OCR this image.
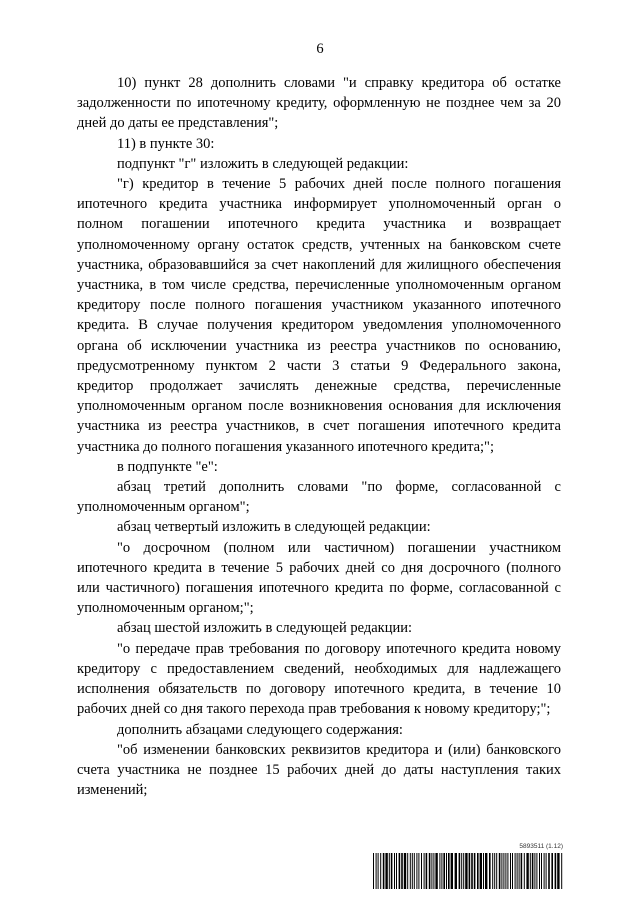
6

10) пункт 28 дополнить словами "и справку кредитора об остатке задолженности по ипотечному кредиту, оформленную не позднее чем за 20 дней до даты ее представления";

11) в пункте 30:

подпункт "г" изложить в следующей редакции:

"г) кредитор в течение 5 рабочих дней после полного погашения ипотечного кредита участника информирует уполномоченный орган о полном погашении ипотечного кредита участника и возвращает уполномоченному органу остаток средств, учтенных на банковском счете участника, образовавшийся за счет накоплений для жилищного обеспечения участника, в том числе средства, перечисленные уполномоченным органом кредитору после полного погашения участником указанного ипотечного кредита. В случае получения кредитором уведомления уполномоченного органа об исключении участника из реестра участников по основанию, предусмотренному пунктом 2 части 3 статьи 9 Федерального закона, кредитор продолжает зачислять денежные средства, перечисленные уполномоченным органом после возникновения основания для исключения участника из реестра участников, в счет погашения ипотечного кредита участника до полного погашения указанного ипотечного кредита;";

в подпункте "е":

абзац третий дополнить словами "по форме, согласованной с уполномоченным органом";

абзац четвертый изложить в следующей редакции:

"о досрочном (полном или частичном) погашении участником ипотечного кредита в течение 5 рабочих дней со дня досрочного (полного или частичного) погашения ипотечного кредита по форме, согласованной с уполномоченным органом;";

абзац шестой изложить в следующей редакции:

"о передаче прав требования по договору ипотечного кредита новому кредитору с предоставлением сведений, необходимых для надлежащего исполнения обязательств по договору ипотечного кредита, в течение 10 рабочих дней со дня такого перехода прав требования к новому кредитору;";

дополнить абзацами следующего содержания:

"об изменении банковских реквизитов кредитора и (или) банковского счета участника не позднее 15 рабочих дней до даты наступления таких изменений;

5893511 (1.12)
